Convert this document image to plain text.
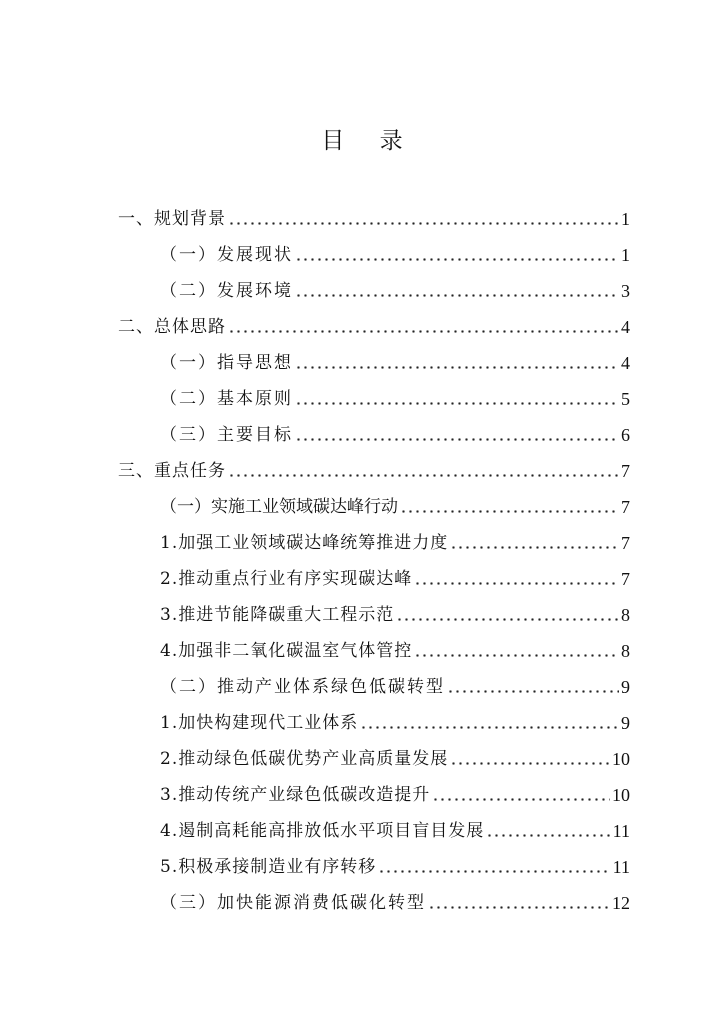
目 录
一、规划背景	1
（一）发展现状	1
（二）发展环境	3
二、总体思路	4
（一）指导思想	4
（二）基本原则	5
（三）主要目标	6
三、重点任务	7
（一）实施工业领域碳达峰行动	7
1.加强工业领域碳达峰统筹推进力度	7
2.推动重点行业有序实现碳达峰	7
3.推进节能降碳重大工程示范	8
4.加强非二氧化碳温室气体管控	8
（二）推动产业体系绿色低碳转型	9
1.加快构建现代工业体系	9
2.推动绿色低碳优势产业高质量发展	10
3.推动传统产业绿色低碳改造提升	10
4.遏制高耗能高排放低水平项目盲目发展	11
5.积极承接制造业有序转移	11
（三）加快能源消费低碳化转型	12
